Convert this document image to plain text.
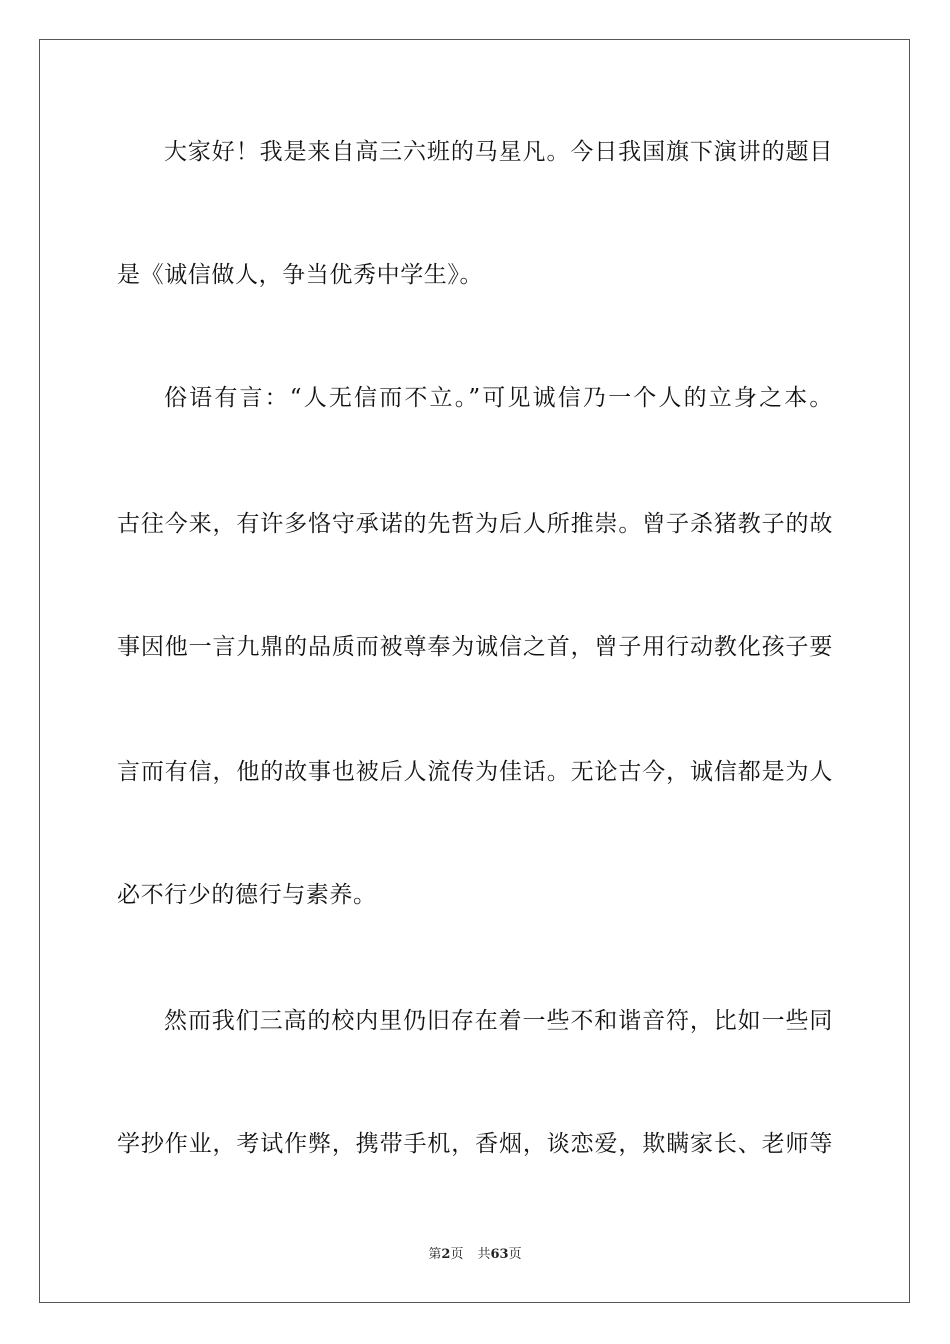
大家好！我是来自高三六班的马星凡。今日我国旗下演讲的题目
是《诚信做人，争当优秀中学生》。
俗语有言：“人无信而不立。”可见诚信乃一个人的立身之本。
古往今来，有许多恪守承诺的先哲为后人所推崇。曾子杀猪教子的故
事因他一言九鼎的品质而被尊奉为诚信之首，曾子用行动教化孩子要
言而有信，他的故事也被后人流传为佳话。无论古今，诚信都是为人
必不行少的德行与素养。
然而我们三高的校内里仍旧存在着一些不和谐音符，比如一些同
学抄作业，考试作弊，携带手机，香烟，谈恋爱，欺瞒家长、老师等
第2页 共63页
